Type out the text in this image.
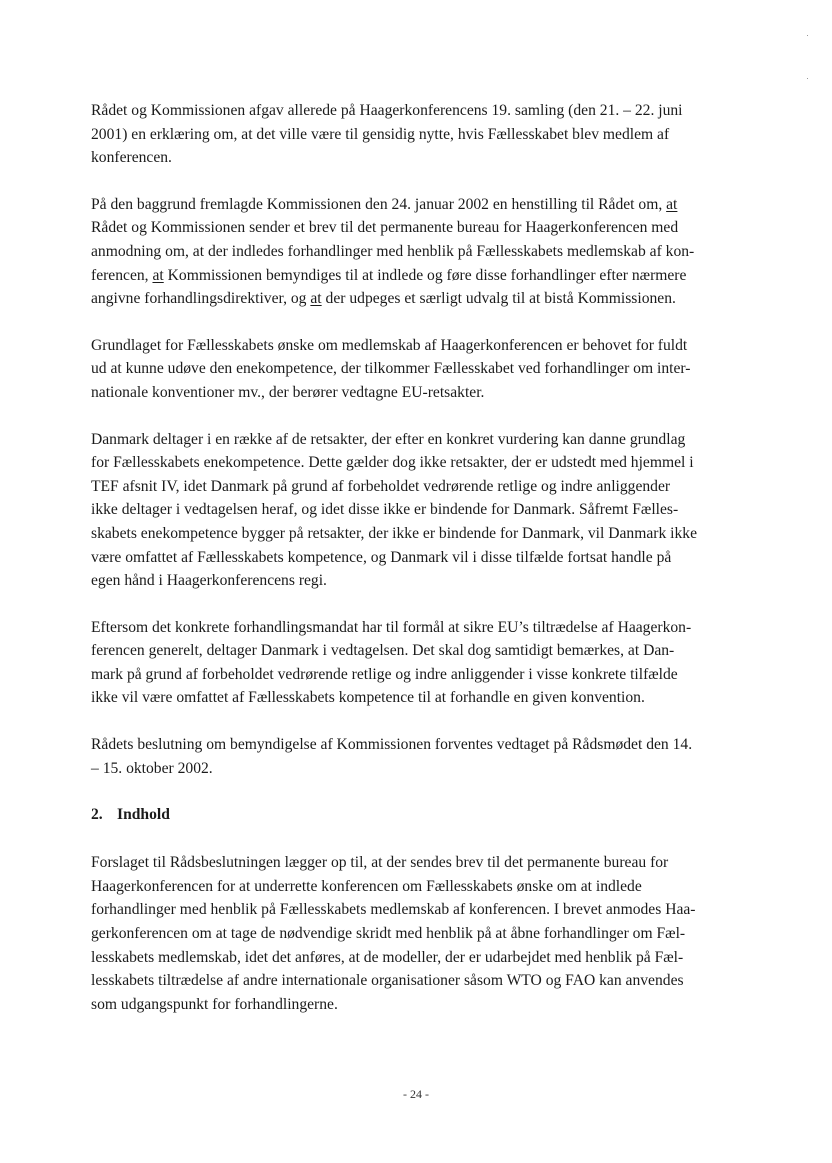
Rådet og Kommissionen afgav allerede på Haagerkonferencens 19. samling (den 21. – 22. juni
2001) en erklæring om, at det ville være til gensidig nytte, hvis Fællesskabet blev medlem af
konferencen.
På den baggrund fremlagde Kommissionen den 24. januar 2002 en henstilling til Rådet om, at
Rådet og Kommissionen sender et brev til det permanente bureau for Haagerkonferencen med
anmodning om, at der indledes forhandlinger med henblik på Fællesskabets medlemskab af kon-
ferencen, at Kommissionen bemyndiges til at indlede og føre disse forhandlinger efter nærmere
angivne forhandlingsdirektiver, og at der udpeges et særligt udvalg til at bistå Kommissionen.
Grundlaget for Fællesskabets ønske om medlemskab af Haagerkonferencen er behovet for fuldt
ud at kunne udøve den enekompetence, der tilkommer Fællesskabet ved forhandlinger om inter-
nationale konventioner mv., der berører vedtagne EU-retsakter.
Danmark deltager i en række af de retsakter, der efter en konkret vurdering kan danne grundlag
for Fællesskabets enekompetence. Dette gælder dog ikke retsakter, der er udstedt med hjemmel i
TEF afsnit IV, idet Danmark på grund af forbeholdet vedrørende retlige og indre anliggender
ikke deltager i vedtagelsen heraf, og idet disse ikke er bindende for Danmark. Såfremt Fælles-
skabets enekompetence bygger på retsakter, der ikke er bindende for Danmark, vil Danmark ikke
være omfattet af Fællesskabets kompetence, og Danmark vil i disse tilfælde fortsat handle på
egen hånd i Haagerkonferencens regi.
Eftersom det konkrete forhandlingsmandat har til formål at sikre EU’s tiltrædelse af Haagerkon-
ferencen generelt, deltager Danmark i vedtagelsen. Det skal dog samtidigt bemærkes, at Dan-
mark på grund af forbeholdet vedrørende retlige og indre anliggender i visse konkrete tilfælde
ikke vil være omfattet af Fællesskabets kompetence til at forhandle en given konvention.
Rådets beslutning om bemyndigelse af Kommissionen forventes vedtaget på Rådsmødet den 14.
– 15. oktober 2002.
2. Indhold
Forslaget til Rådsbeslutningen lægger op til, at der sendes brev til det permanente bureau for
Haagerkonferencen for at underrette konferencen om Fællesskabets ønske om at indlede
forhandlinger med henblik på Fællesskabets medlemskab af konferencen. I brevet anmodes Haa-
gerkonferencen om at tage de nødvendige skridt med henblik på at åbne forhandlinger om Fæl-
lesskabets medlemskab, idet det anføres, at de modeller, der er udarbejdet med henblik på Fæl-
lesskabets tiltrædelse af andre internationale organisationer såsom WTO og FAO kan anvendes
som udgangspunkt for forhandlingerne.
- 24 -
